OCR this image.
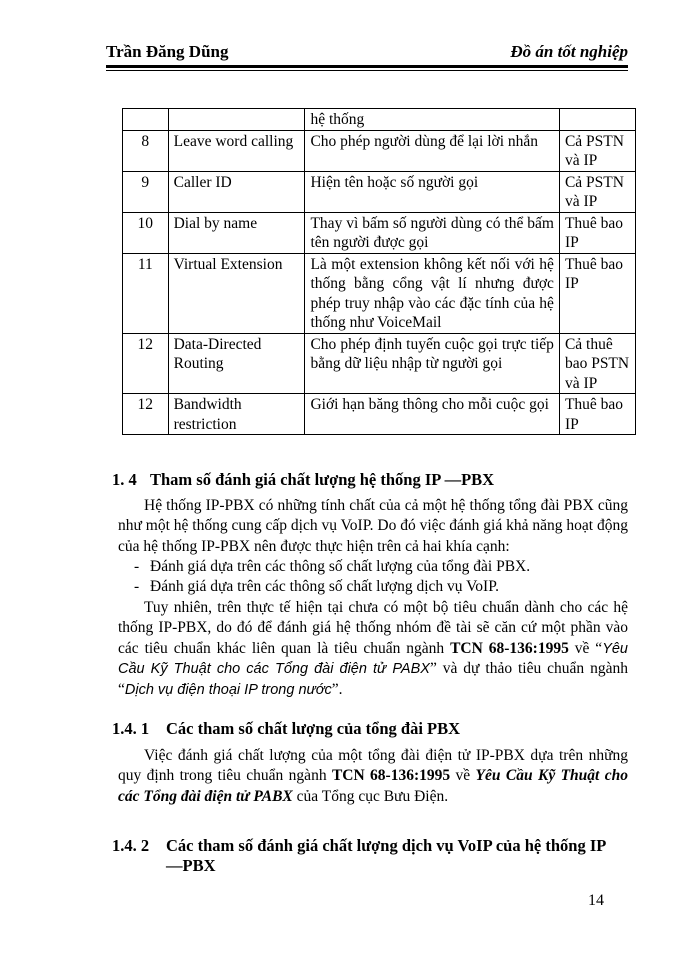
Trần Đăng Dũng	Đồ án tốt nghiệp
		hệ thống	
8	Leave word calling	Cho phép người dùng để lại lời nhắn	Cả PSTN và IP
9	Caller ID	Hiện tên hoặc số người gọi	Cả PSTN và IP
10	Dial by name	Thay vì bấm số người dùng có thể bấm tên người được gọi	Thuê bao IP
11	Virtual Extension	Là một extension không kết nối với hệ thống bằng cổng vật lí nhưng được phép truy nhập vào các đặc tính của hệ thống như VoiceMail	Thuê bao IP
12	Data-Directed Routing	Cho phép định tuyến cuộc gọi trực tiếp bằng dữ liệu nhập từ người gọi	Cả thuê bao PSTN và IP
12	Bandwidth restriction	Giới hạn băng thông cho mỗi cuộc gọi	Thuê bao IP
1. 4 Tham số đánh giá chất lượng hệ thống IP —PBX
Hệ thống IP-PBX có những tính chất của cả một hệ thống tổng đài PBX cũng như một hệ thống cung cấp dịch vụ VoIP. Do đó việc đánh giá khả năng hoạt động của hệ thống IP-PBX nên được thực hiện trên cả hai khía cạnh:
- Đánh giá dựa trên các thông số chất lượng của tổng đài PBX.
- Đánh giá dựa trên các thông số chất lượng dịch vụ VoIP.
Tuy nhiên, trên thực tế hiện tại chưa có một bộ tiêu chuẩn dành cho các hệ thống IP-PBX, do đó để đánh giá hệ thống nhóm đề tài sẽ căn cứ một phần vào các tiêu chuẩn khác liên quan là tiêu chuẩn ngành TCN 68-136:1995 về “Yêu Cầu Kỹ Thuật cho các Tổng đài điện tử PABX” và dự thảo tiêu chuẩn ngành “Dịch vụ điện thoại IP trong nước”.
1.4. 1 Các tham số chất lượng của tổng đài PBX
Việc đánh giá chất lượng của một tổng đài điện tử IP-PBX dựa trên những quy định trong tiêu chuẩn ngành TCN 68-136:1995 về Yêu Cầu Kỹ Thuật cho các Tổng đài điện tử PABX của Tổng cục Bưu Điện.
1.4. 2 Các tham số đánh giá chất lượng dịch vụ VoIP của hệ thống IP
—PBX
14
